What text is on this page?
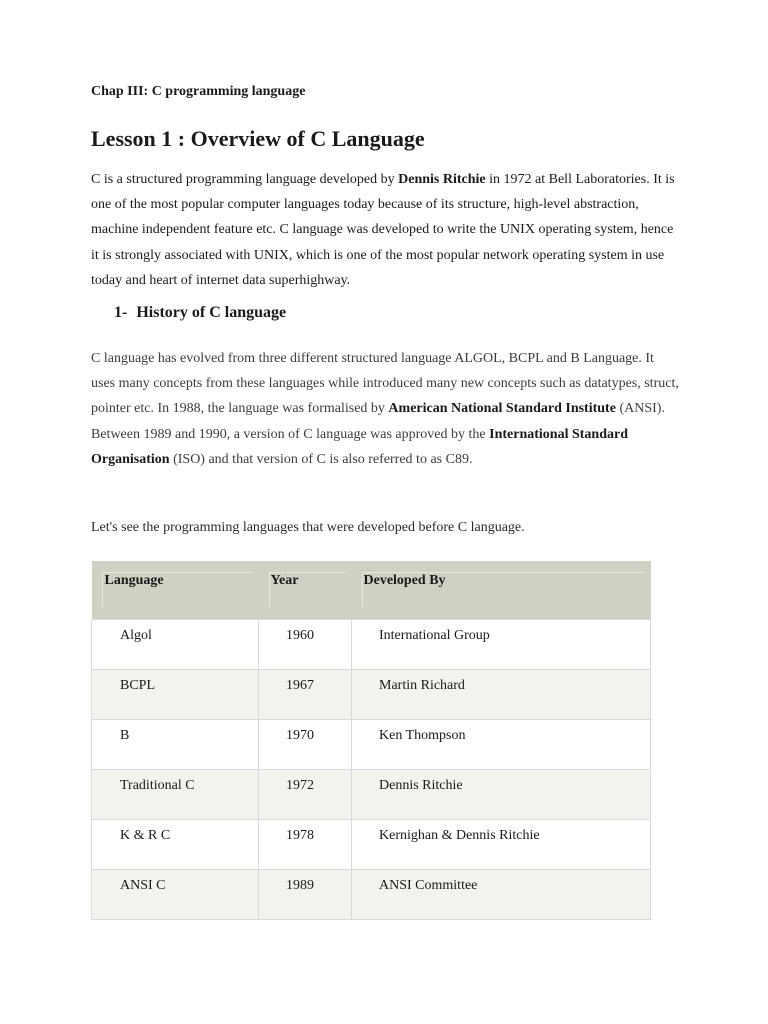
Chap III: C programming language
Lesson 1 : Overview of C Language

C is a structured programming language developed by Dennis Ritchie in 1972 at Bell Laboratories. It is one of the most popular computer languages today because of its structure, high-level abstraction, machine independent feature etc. C language was developed to write the UNIX operating system, hence it is strongly associated with UNIX, which is one of the most popular network operating system in use today and heart of internet data superhighway.

1- History of C language

C language has evolved from three different structured language ALGOL, BCPL and B Language. It uses many concepts from these languages while introduced many new concepts such as datatypes, struct, pointer etc. In 1988, the language was formalised by American National Standard Institute (ANSI). Between 1989 and 1990, a version of C language was approved by the International Standard Organisation (ISO) and that version of C is also referred to as C89.

Let's see the programming languages that were developed before C language.

Language	Year	Developed By
Algol	1960	International Group
BCPL	1967	Martin Richard
B	1970	Ken Thompson
Traditional C	1972	Dennis Ritchie
K & R C	1978	Kernighan & Dennis Ritchie
ANSI C	1989	ANSI Committee
